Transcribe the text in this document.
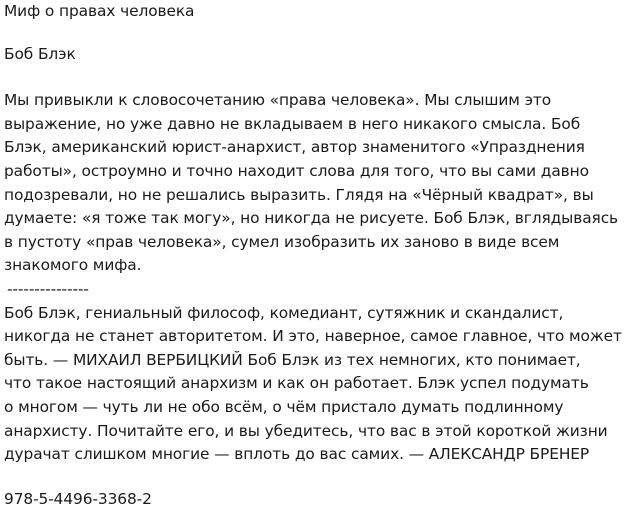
Миф о правах человека
Боб Блэк
Мы привыкли к словосочетанию «права человека». Мы слышим это
выражение, но уже давно не вкладываем в него никакого смысла. Боб
Блэк, американский юрист-анархист, автор знаменитого «Упразднения
работы», остроумно и точно находит слова для того, что вы сами давно
подозревали, но не решались выразить. Глядя на «Чёрный квадрат», вы
думаете: «я тоже так могу», но никогда не рисуете. Боб Блэк, вглядываясь
в пустоту «прав человека», сумел изобразить их заново в виде всем
знакомого мифа.
---------------
Боб Блэк, гениальный философ, комедиант, сутяжник и скандалист,
никогда не станет авторитетом. И это, наверное, самое главное, что может
быть. — МИХАИЛ ВЕРБИЦКИЙ Боб Блэк из тех немногих, кто понимает,
что такое настоящий анархизм и как он работает. Блэк успел подумать
о многом — чуть ли не обо всём, о чём пристало думать подлинному
анархисту. Почитайте его, и вы убедитесь, что вас в этой короткой жизни
дурачат слишком многие — вплоть до вас самих. — АЛЕКСАНДР БРЕНЕР
978-5-4496-3368-2
